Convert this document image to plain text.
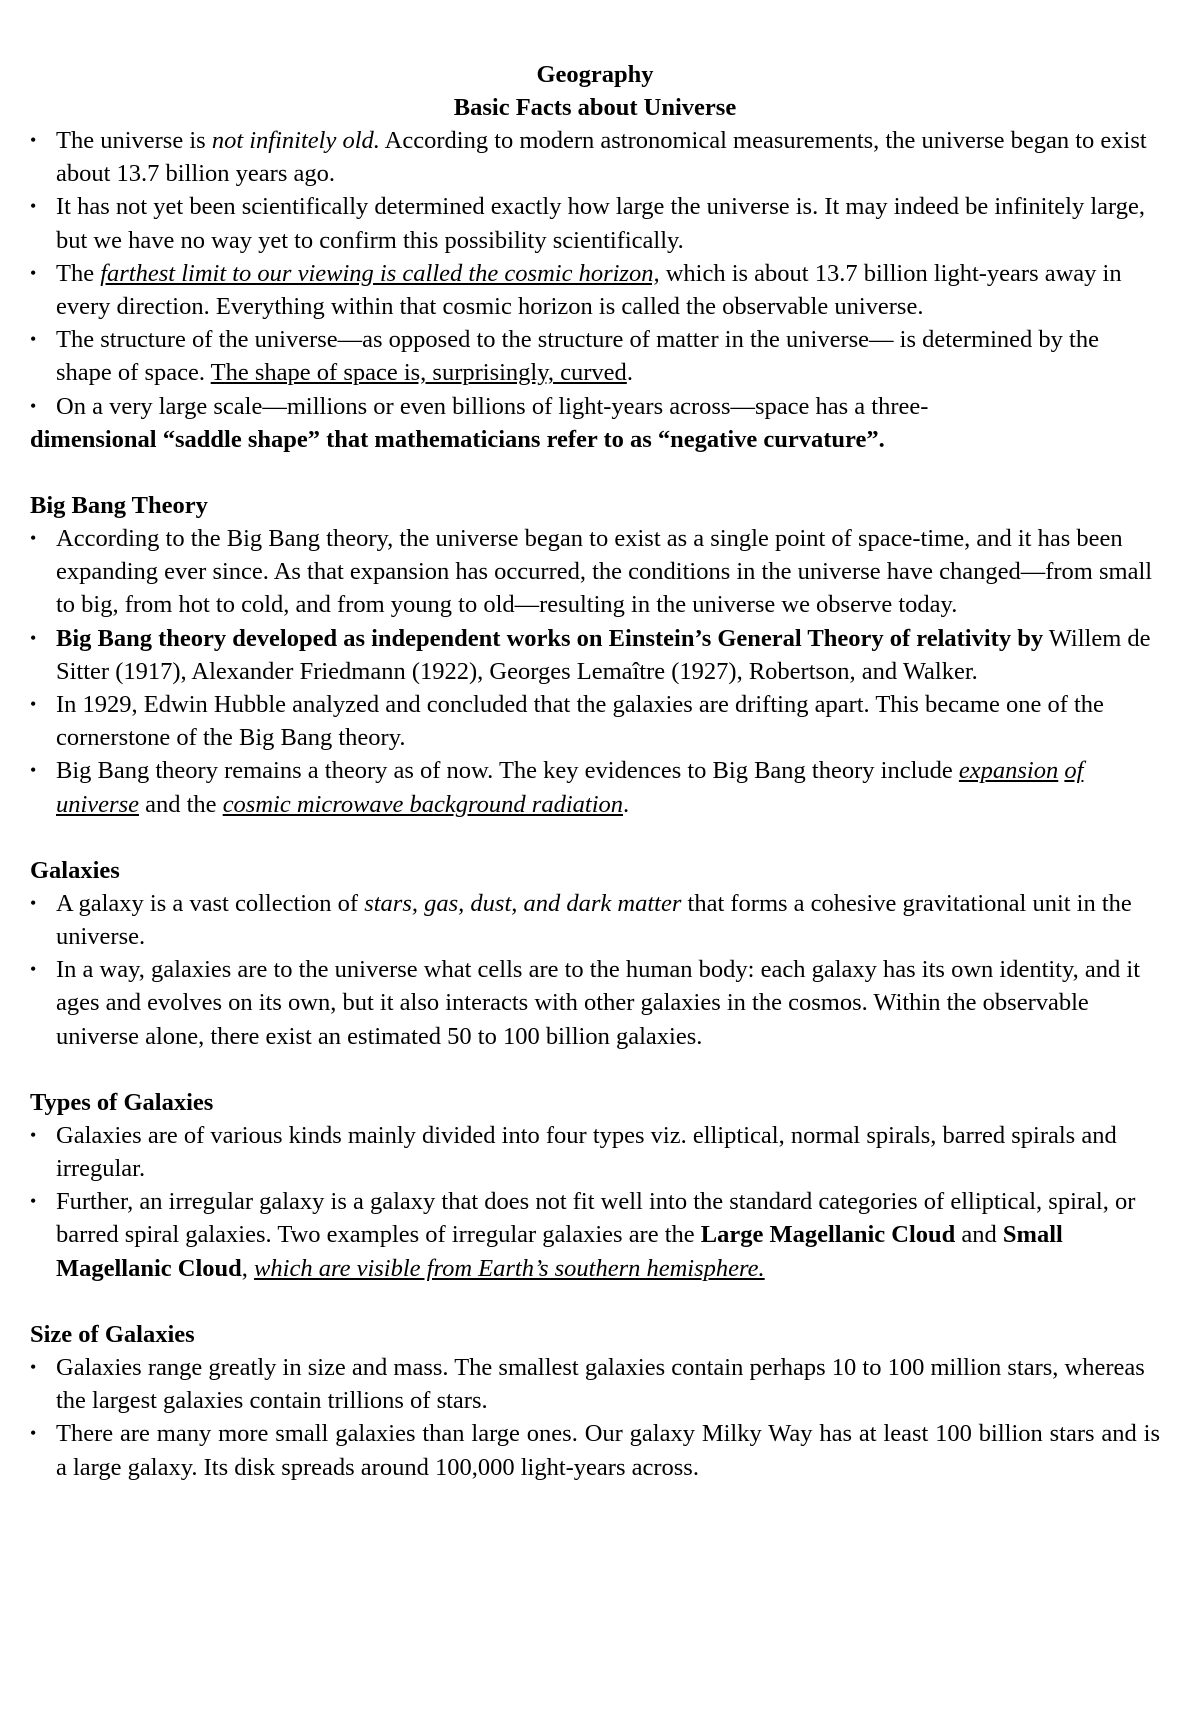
Geography
Basic Facts about Universe
• The universe is not infinitely old. According to modern astronomical measurements, the universe began to exist about 13.7 billion years ago.
• It has not yet been scientifically determined exactly how large the universe is. It may indeed be infinitely large, but we have no way yet to confirm this possibility scientifically.
• The farthest limit to our viewing is called the cosmic horizon, which is about 13.7 billion light-years away in every direction. Everything within that cosmic horizon is called the observable universe.
• The structure of the universe—as opposed to the structure of matter in the universe— is determined by the shape of space. The shape of space is, surprisingly, curved.
• On a very large scale—millions or even billions of light-years across—space has a three-
dimensional “saddle shape” that mathematicians refer to as “negative curvature”.
Big Bang Theory
• According to the Big Bang theory, the universe began to exist as a single point of space-time, and it has been expanding ever since. As that expansion has occurred, the conditions in the universe have changed—from small to big, from hot to cold, and from young to old—resulting in the universe we observe today.
• Big Bang theory developed as independent works on Einstein’s General Theory of relativity by Willem de Sitter (1917), Alexander Friedmann (1922), Georges Lemaître (1927), Robertson, and Walker.
• In 1929, Edwin Hubble analyzed and concluded that the galaxies are drifting apart. This became one of the cornerstone of the Big Bang theory.
• Big Bang theory remains a theory as of now. The key evidences to Big Bang theory include expansion of universe and the cosmic microwave background radiation.
Galaxies
• A galaxy is a vast collection of stars, gas, dust, and dark matter that forms a cohesive gravitational unit in the universe.
• In a way, galaxies are to the universe what cells are to the human body: each galaxy has its own identity, and it ages and evolves on its own, but it also interacts with other galaxies in the cosmos. Within the observable universe alone, there exist an estimated 50 to 100 billion galaxies.
Types of Galaxies
• Galaxies are of various kinds mainly divided into four types viz. elliptical, normal spirals, barred spirals and irregular.
• Further, an irregular galaxy is a galaxy that does not fit well into the standard categories of elliptical, spiral, or barred spiral galaxies. Two examples of irregular galaxies are the Large Magellanic Cloud and Small Magellanic Cloud, which are visible from Earth’s southern hemisphere.
Size of Galaxies
• Galaxies range greatly in size and mass. The smallest galaxies contain perhaps 10 to 100 million stars, whereas the largest galaxies contain trillions of stars.
• There are many more small galaxies than large ones. Our galaxy Milky Way has at least 100 billion stars and is a large galaxy. Its disk spreads around 100,000 light-years across.
